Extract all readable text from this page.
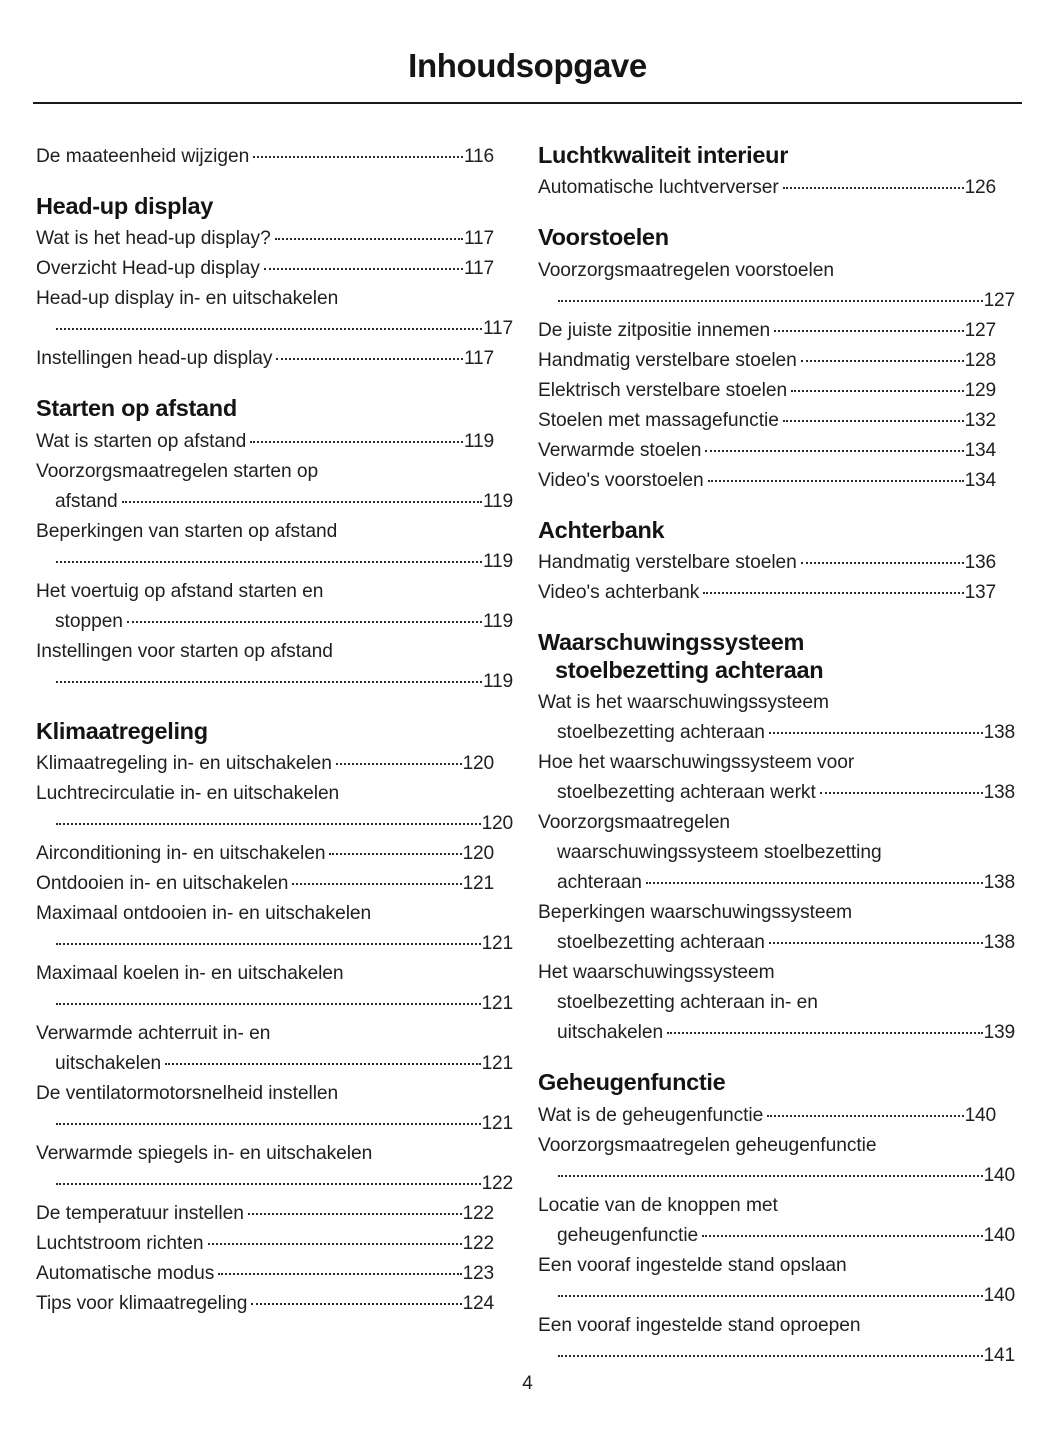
Inhoudsopgave
De maateenheid wijzigen	116
Head-up display
Wat is het head-up display?	117
Overzicht Head-up display	117
Head-up display in- en uitschakelen
117
Instellingen head-up display	117
Starten op afstand
Wat is starten op afstand	119
Voorzorgsmaatregelen starten op
afstand	119
Beperkingen van starten op afstand
119
Het voertuig op afstand starten en
stoppen	119
Instellingen voor starten op afstand
119
Klimaatregeling
Klimaatregeling in- en uitschakelen	120
Luchtrecirculatie in- en uitschakelen
120
Airconditioning in- en uitschakelen	120
Ontdooien in- en uitschakelen	121
Maximaal ontdooien in- en uitschakelen
121
Maximaal koelen in- en uitschakelen
121
Verwarmde achterruit in- en
uitschakelen	121
De ventilatormotorsnelheid instellen
121
Verwarmde spiegels in- en uitschakelen
122
De temperatuur instellen	122
Luchtstroom richten	122
Automatische modus	123
Tips voor klimaatregeling	124
Luchtkwaliteit interieur
Automatische luchtververser	126
Voorstoelen
Voorzorgsmaatregelen voorstoelen
127
De juiste zitpositie innemen	127
Handmatig verstelbare stoelen	128
Elektrisch verstelbare stoelen	129
Stoelen met massagefunctie	132
Verwarmde stoelen	134
Video's voorstoelen	134
Achterbank
Handmatig verstelbare stoelen	136
Video's achterbank	137
Waarschuwingssysteem
stoelbezetting achteraan
Wat is het waarschuwingssysteem
stoelbezetting achteraan	138
Hoe het waarschuwingssysteem voor
stoelbezetting achteraan werkt	138
Voorzorgsmaatregelen
waarschuwingssysteem stoelbezetting
achteraan	138
Beperkingen waarschuwingssysteem
stoelbezetting achteraan	138
Het waarschuwingssysteem
stoelbezetting achteraan in- en
uitschakelen	139
Geheugenfunctie
Wat is de geheugenfunctie	140
Voorzorgsmaatregelen geheugenfunctie
140
Locatie van de knoppen met
geheugenfunctie	140
Een vooraf ingestelde stand opslaan
140
Een vooraf ingestelde stand oproepen
141
4
